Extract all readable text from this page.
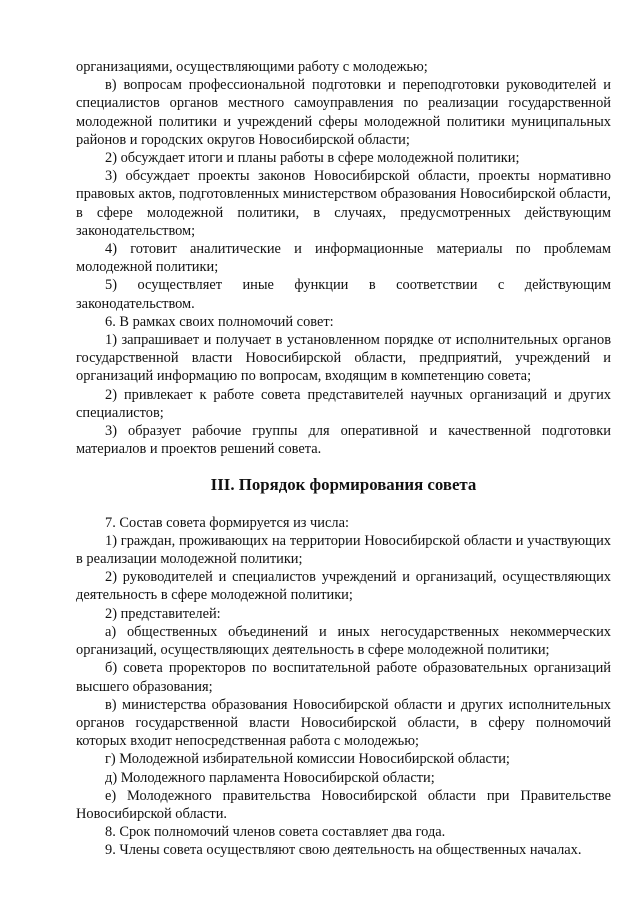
организациями, осуществляющими работу с молодежью;

в) вопросам профессиональной подготовки и переподготовки руководителей и специалистов органов местного самоуправления по реализации государственной молодежной политики и учреждений сферы молодежной политики муниципальных районов и городских округов Новосибирской области;

2) обсуждает итоги и планы работы в сфере молодежной политики;

3) обсуждает проекты законов Новосибирской области, проекты нормативно правовых актов, подготовленных министерством образования Новосибирской области, в сфере молодежной политики, в случаях, предусмотренных действующим законодательством;

4) готовит аналитические и информационные материалы по проблемам молодежной политики;

5) осуществляет иные функции в соответствии с действующим законодательством.

6. В рамках своих полномочий совет:

1) запрашивает и получает в установленном порядке от исполнительных органов государственной власти Новосибирской области, предприятий, учреждений и организаций информацию по вопросам, входящим в компетенцию совета;

2) привлекает к работе совета представителей научных организаций и других специалистов;

3) образует рабочие группы для оперативной и качественной подготовки материалов и проектов решений совета.

III. Порядок формирования совета

7. Состав совета формируется из числа:

1) граждан, проживающих на территории Новосибирской области и участвующих в реализации молодежной политики;

2) руководителей и специалистов учреждений и организаций, осуществляющих деятельность в сфере молодежной политики;

2) представителей:

а) общественных объединений и иных негосударственных некоммерческих организаций, осуществляющих деятельность в сфере молодежной политики;

б) совета проректоров по воспитательной работе образовательных организаций высшего образования;

в) министерства образования Новосибирской области и других исполнительных органов государственной власти Новосибирской области, в сферу полномочий которых входит непосредственная работа с молодежью;

г) Молодежной избирательной комиссии Новосибирской области;

д) Молодежного парламента Новосибирской области;

е) Молодежного правительства Новосибирской области при Правительстве Новосибирской области.

8. Срок полномочий членов совета составляет два года.

9. Члены совета осуществляют свою деятельность на общественных началах.
